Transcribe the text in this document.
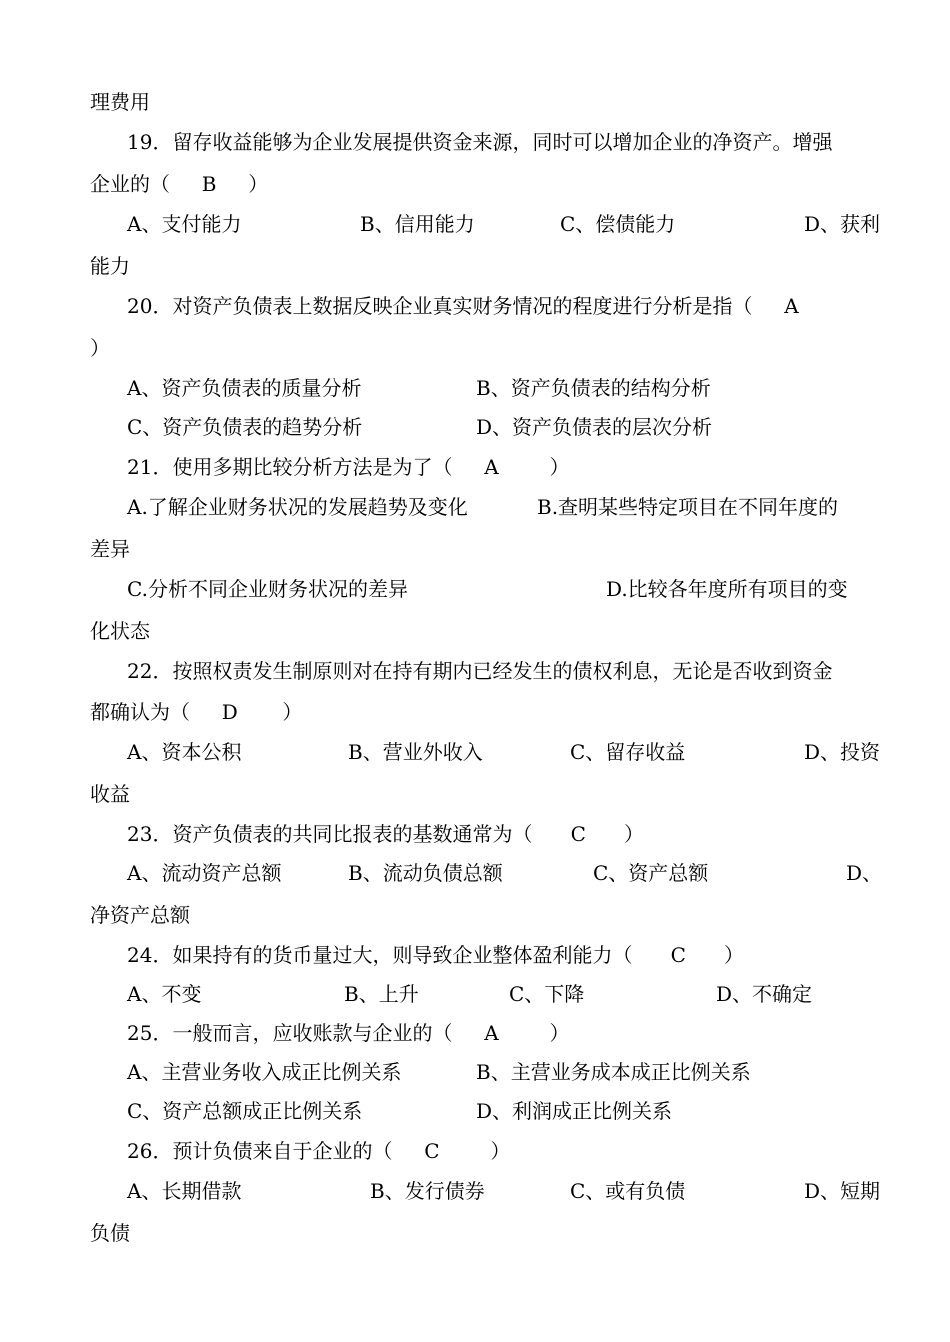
理费用
19．留存收益能够为企业发展提供资金来源，同时可以增加企业的净资产。增强
企业的（     B     ）
A、支付能力	B、信用能力	C、偿债能力	D、获利
能力
20．对资产负债表上数据反映企业真实财务情况的程度进行分析是指（     A
）
A、资产负债表的质量分析	B、资产负债表的结构分析
C、资产负债表的趋势分析	D、资产负债表的层次分析
21．使用多期比较分析方法是为了（     A        ）
A.了解企业财务状况的发展趋势及变化	B.查明某些特定项目在不同年度的
差异
C.分析不同企业财务状况的差异	D.比较各年度所有项目的变
化状态
22．按照权责发生制原则对在持有期内已经发生的债权利息，无论是否收到资金
都确认为（     D       ）
A、资本公积	B、营业外收入	C、留存收益	D、投资
收益
23．资产负债表的共同比报表的基数通常为（      C      ）
A、流动资产总额	B、流动负债总额	C、资产总额	D、
净资产总额
24．如果持有的货币量过大，则导致企业整体盈利能力（      C      ）
A、不变	B、上升	C、下降	D、不确定
25．一般而言，应收账款与企业的（     A        ）
A、主营业务收入成正比例关系	B、主营业务成本成正比例关系
C、资产总额成正比例关系	D、利润成正比例关系
26．预计负债来自于企业的（     C        ）
A、长期借款	B、发行债券	C、或有负债	D、短期
负债
